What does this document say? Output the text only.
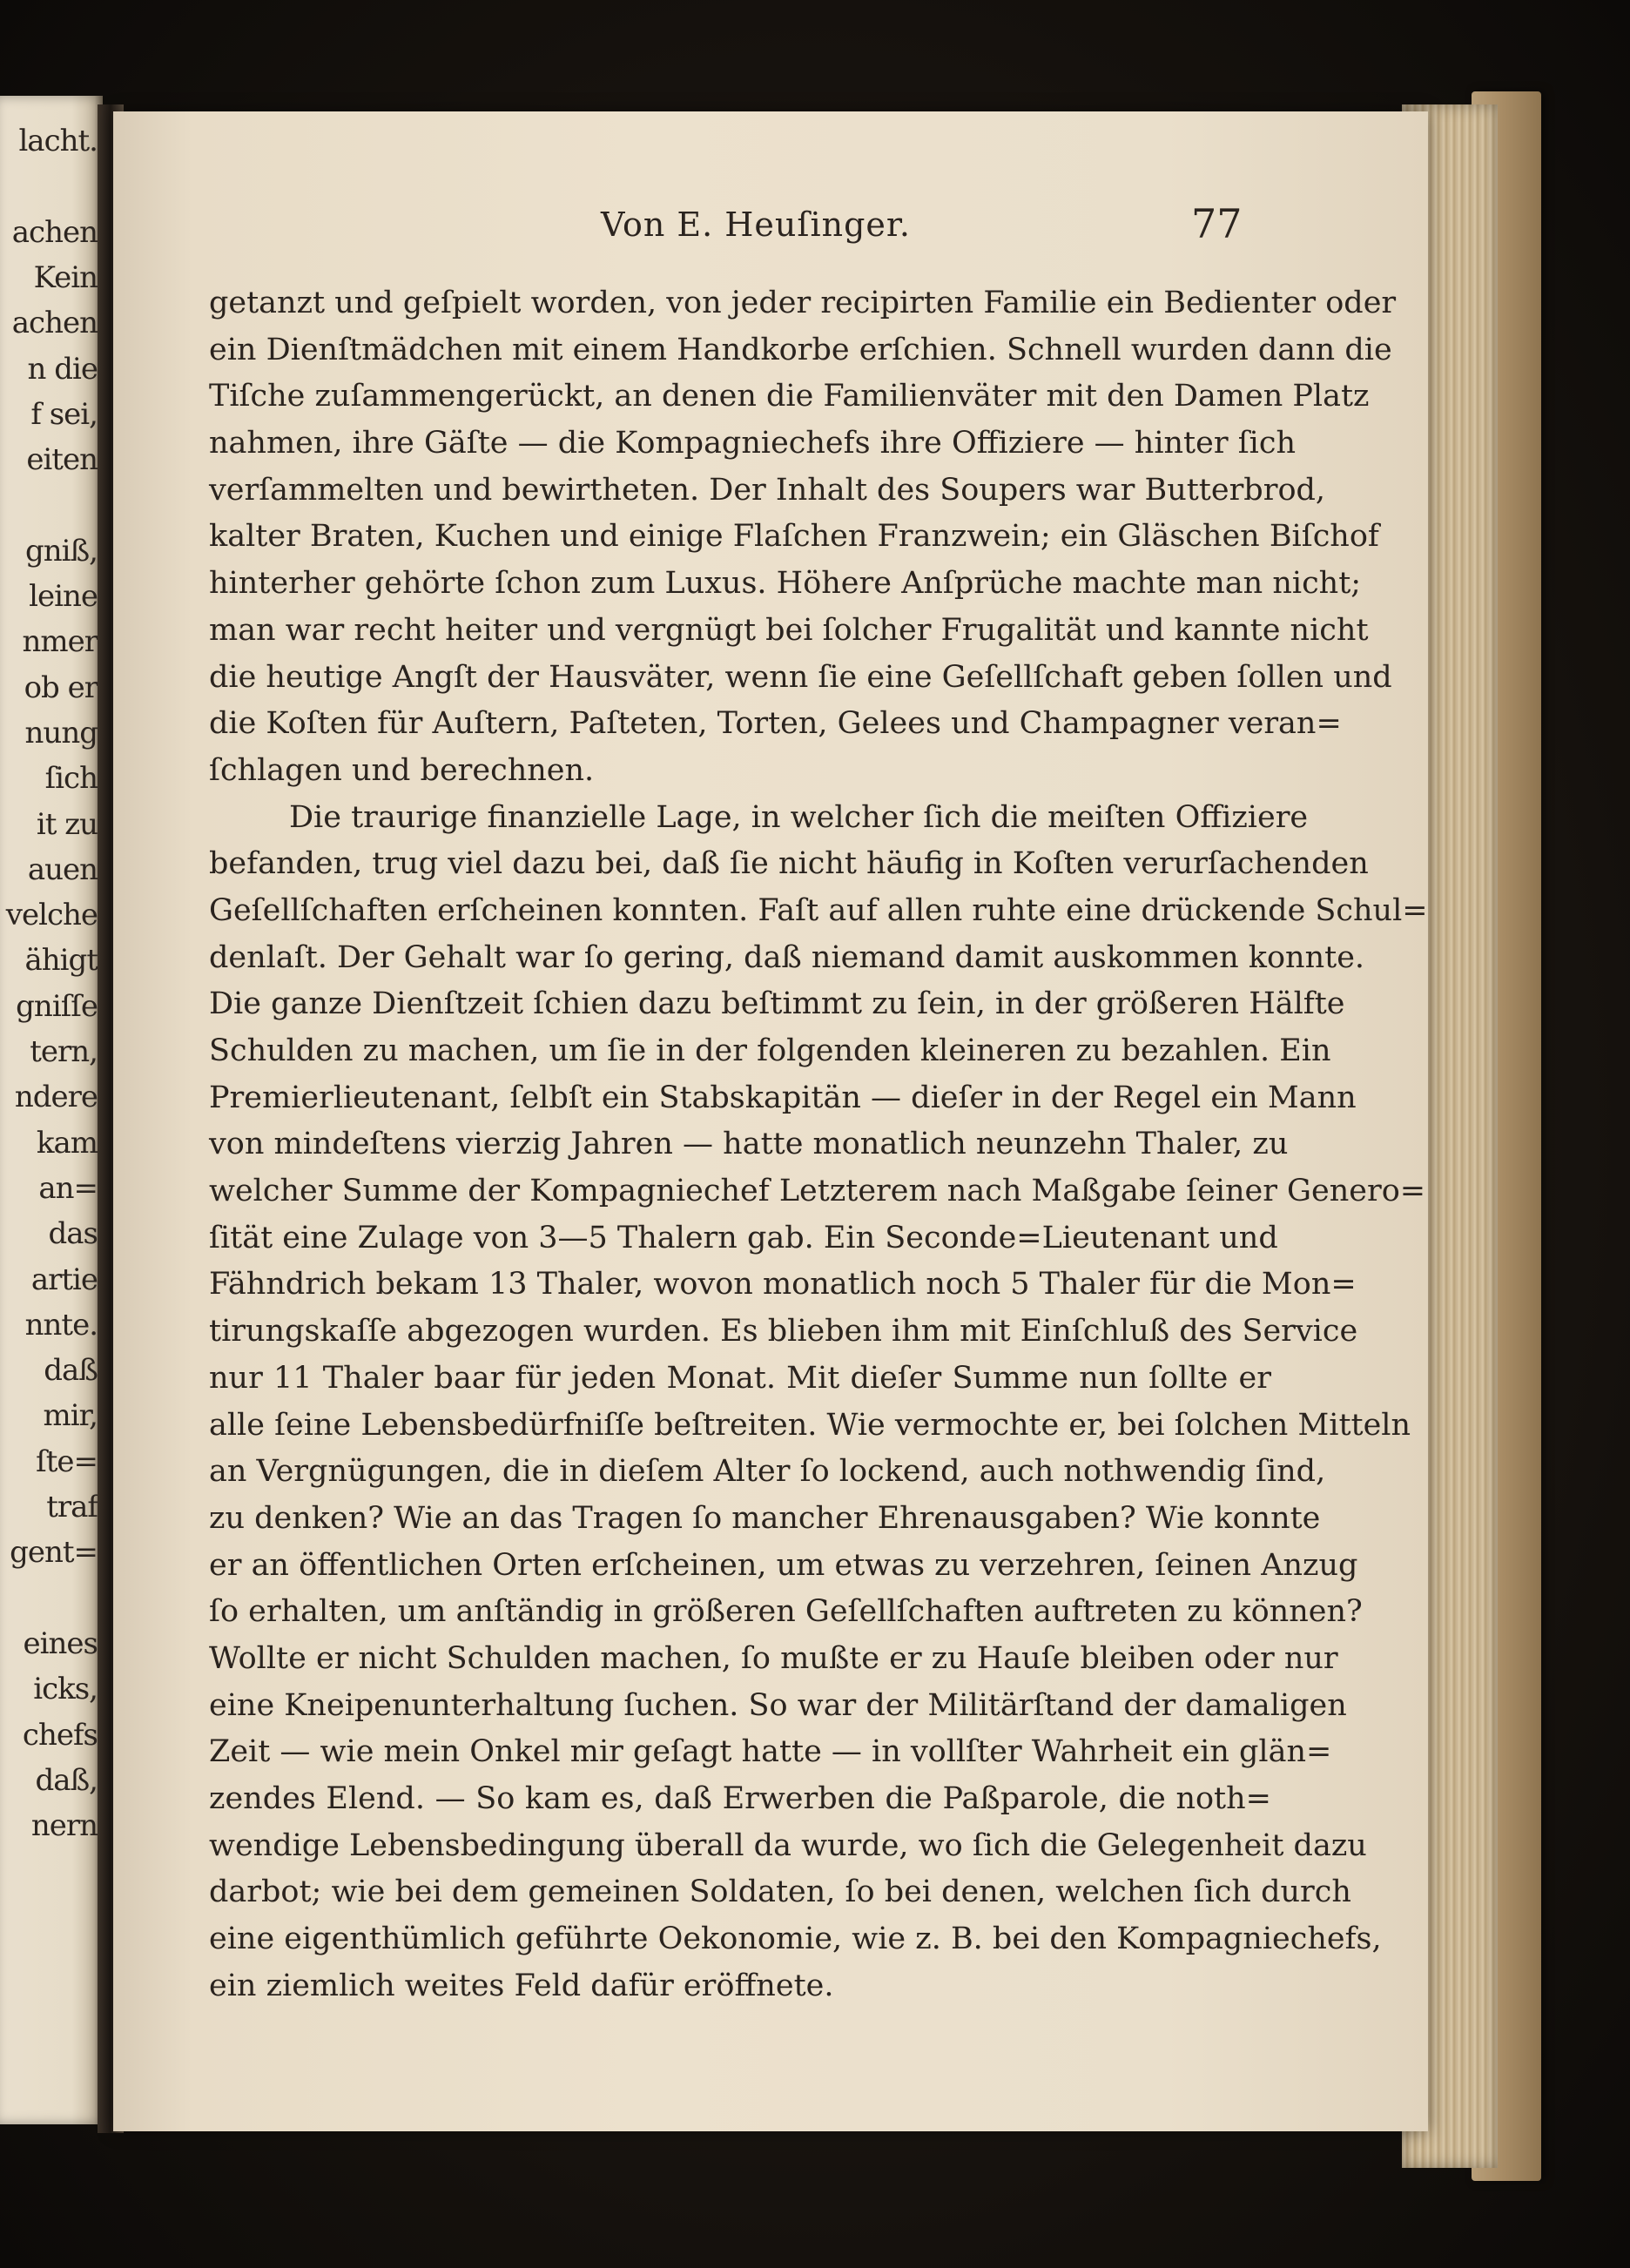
lacht.
achen
Kein
achen
n die
f sei,
eiten
gniß,
leine
nmer
ob er
nung
ſich
it zu
auen
velche
ähigt
gniſſe
tern,
ndere
kam
an=
das
artie
nnte.
daß
mir,
ſte=
traf
gent=
eines
icks,
chefs
daß,
nern
Von E. Heuſinger.	77
getanzt und geſpielt worden, von jeder recipirten Familie ein Bedienter oder
ein Dienſtmädchen mit einem Handkorbe erſchien. Schnell wurden dann die
Tiſche zuſammengerückt, an denen die Familienväter mit den Damen Platz
nahmen, ihre Gäſte — die Kompagniechefs ihre Offiziere — hinter ſich
verſammelten und bewirtheten. Der Inhalt des Soupers war Butterbrod,
kalter Braten, Kuchen und einige Flaſchen Franzwein; ein Gläschen Biſchof
hinterher gehörte ſchon zum Luxus. Höhere Anſprüche machte man nicht;
man war recht heiter und vergnügt bei ſolcher Frugalität und kannte nicht
die heutige Angſt der Hausväter, wenn ſie eine Geſellſchaft geben ſollen und
die Koſten für Auſtern, Paſteten, Torten, Gelees und Champagner veran=
ſchlagen und berechnen.
Die traurige finanzielle Lage, in welcher ſich die meiſten Offiziere
befanden, trug viel dazu bei, daß ſie nicht häufig in Koſten verurſachenden
Geſellſchaften erſcheinen konnten. Faſt auf allen ruhte eine drückende Schul=
denlaſt. Der Gehalt war ſo gering, daß niemand damit auskommen konnte.
Die ganze Dienſtzeit ſchien dazu beſtimmt zu ſein, in der größeren Hälfte
Schulden zu machen, um ſie in der folgenden kleineren zu bezahlen. Ein
Premierlieutenant, ſelbſt ein Stabskapitän — dieſer in der Regel ein Mann
von mindeſtens vierzig Jahren — hatte monatlich neunzehn Thaler, zu
welcher Summe der Kompagniechef Letzterem nach Maßgabe ſeiner Genero=
ſität eine Zulage von 3—5 Thalern gab. Ein Seconde=Lieutenant und
Fähndrich bekam 13 Thaler, wovon monatlich noch 5 Thaler für die Mon=
tirungskaſſe abgezogen wurden. Es blieben ihm mit Einſchluß des Service
nur 11 Thaler baar für jeden Monat. Mit dieſer Summe nun ſollte er
alle ſeine Lebensbedürfniſſe beſtreiten. Wie vermochte er, bei ſolchen Mitteln
an Vergnügungen, die in dieſem Alter ſo lockend, auch nothwendig ſind,
zu denken? Wie an das Tragen ſo mancher Ehrenausgaben? Wie konnte
er an öffentlichen Orten erſcheinen, um etwas zu verzehren, ſeinen Anzug
ſo erhalten, um anſtändig in größeren Geſellſchaften auftreten zu können?
Wollte er nicht Schulden machen, ſo mußte er zu Hauſe bleiben oder nur
eine Kneipenunterhaltung ſuchen. So war der Militärſtand der damaligen
Zeit — wie mein Onkel mir geſagt hatte — in vollſter Wahrheit ein glän=
zendes Elend. — So kam es, daß Erwerben die Paßparole, die noth=
wendige Lebensbedingung überall da wurde, wo ſich die Gelegenheit dazu
darbot; wie bei dem gemeinen Soldaten, ſo bei denen, welchen ſich durch
eine eigenthümlich geführte Oekonomie, wie z. B. bei den Kompagniechefs,
ein ziemlich weites Feld dafür eröffnete.
